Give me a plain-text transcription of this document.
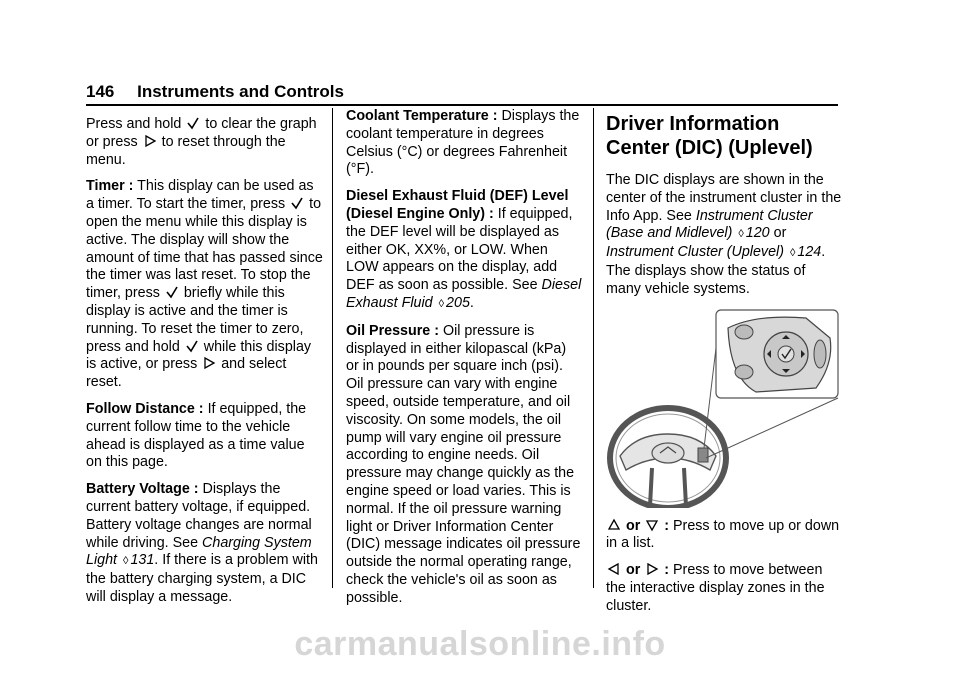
146 Instruments and Controls

Press and hold to clear the graph or press to reset through the menu.

Timer : This display can be used as a timer. To start the timer, press to open the menu while this display is active. The display will show the amount of time that has passed since the timer was last reset. To stop the timer, press briefly while this display is active and the timer is running. To reset the timer to zero, press and hold while this display is active, or press and select reset.

Follow Distance : If equipped, the current follow time to the vehicle ahead is displayed as a time value on this page.

Battery Voltage : Displays the current battery voltage, if equipped. Battery voltage changes are normal while driving. See Charging System Light ◊ 131. If there is a problem with the battery charging system, a DIC will display a message.

Coolant Temperature : Displays the coolant temperature in degrees Celsius (°C) or degrees Fahrenheit (°F).

Diesel Exhaust Fluid (DEF) Level (Diesel Engine Only) : If equipped, the DEF level will be displayed as either OK, XX%, or LOW. When LOW appears on the display, add DEF as soon as possible. See Diesel Exhaust Fluid ◊ 205.

Oil Pressure : Oil pressure is displayed in either kilopascal (kPa) or in pounds per square inch (psi). Oil pressure can vary with engine speed, outside temperature, and oil viscosity. On some models, the oil pump will vary engine oil pressure according to engine needs. Oil pressure may change quickly as the engine speed or load varies. This is normal. If the oil pressure warning light or Driver Information Center (DIC) message indicates oil pressure outside the normal operating range, check the vehicle's oil as soon as possible.

Driver Information Center (DIC) (Uplevel)

The DIC displays are shown in the center of the instrument cluster in the Info App. See Instrument Cluster (Base and Midlevel) ◊ 120 or Instrument Cluster (Uplevel) ◊ 124. The displays show the status of many vehicle systems.

or : Press to move up or down in a list.

or : Press to move between the interactive display zones in the cluster.

carmanualsonline.info
